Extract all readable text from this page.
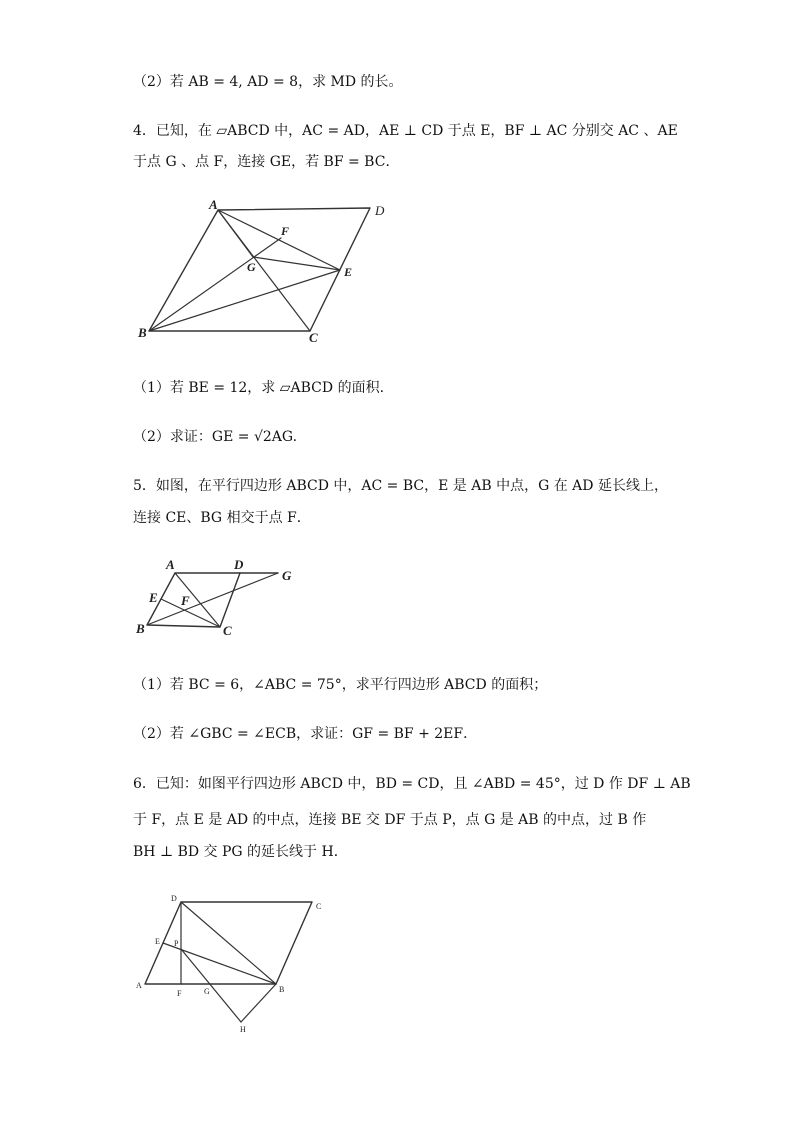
（2）若 AB = 4, AD = 8，求 MD 的长。
4．已知，在 ▱ABCD 中，AC = AD，AE ⊥ CD 于点 E，BF ⊥ AC 分别交 AC 、AE
于点 G 、点 F，连接 GE，若 BF = BC．
A	D
F
G	E
B	C
（1）若 BE = 12，求 ▱ABCD 的面积.
（2）求证：GE = √2AG.
5．如图，在平行四边形 ABCD 中，AC = BC，E 是 AB 中点，G 在 AD 延长线上，
连接 CE、BG 相交于点 F．
A	D
G
E F
B	C
（1）若 BC = 6，∠ABC = 75°，求平行四边形 ABCD 的面积；
（2）若 ∠GBC = ∠ECB，求证：GF = BF + 2EF．
6．已知：如图平行四边形 ABCD 中，BD = CD，且 ∠ABD = 45°，过 D 作 DF ⊥ AB
于 F，点 E 是 AD 的中点，连接 BE 交 DF 于点 P，点 G 是 AB 的中点，过 B 作
BH ⊥ BD 交 PG 的延长线于 H．
D
C
E P
A
F	G	B
H
